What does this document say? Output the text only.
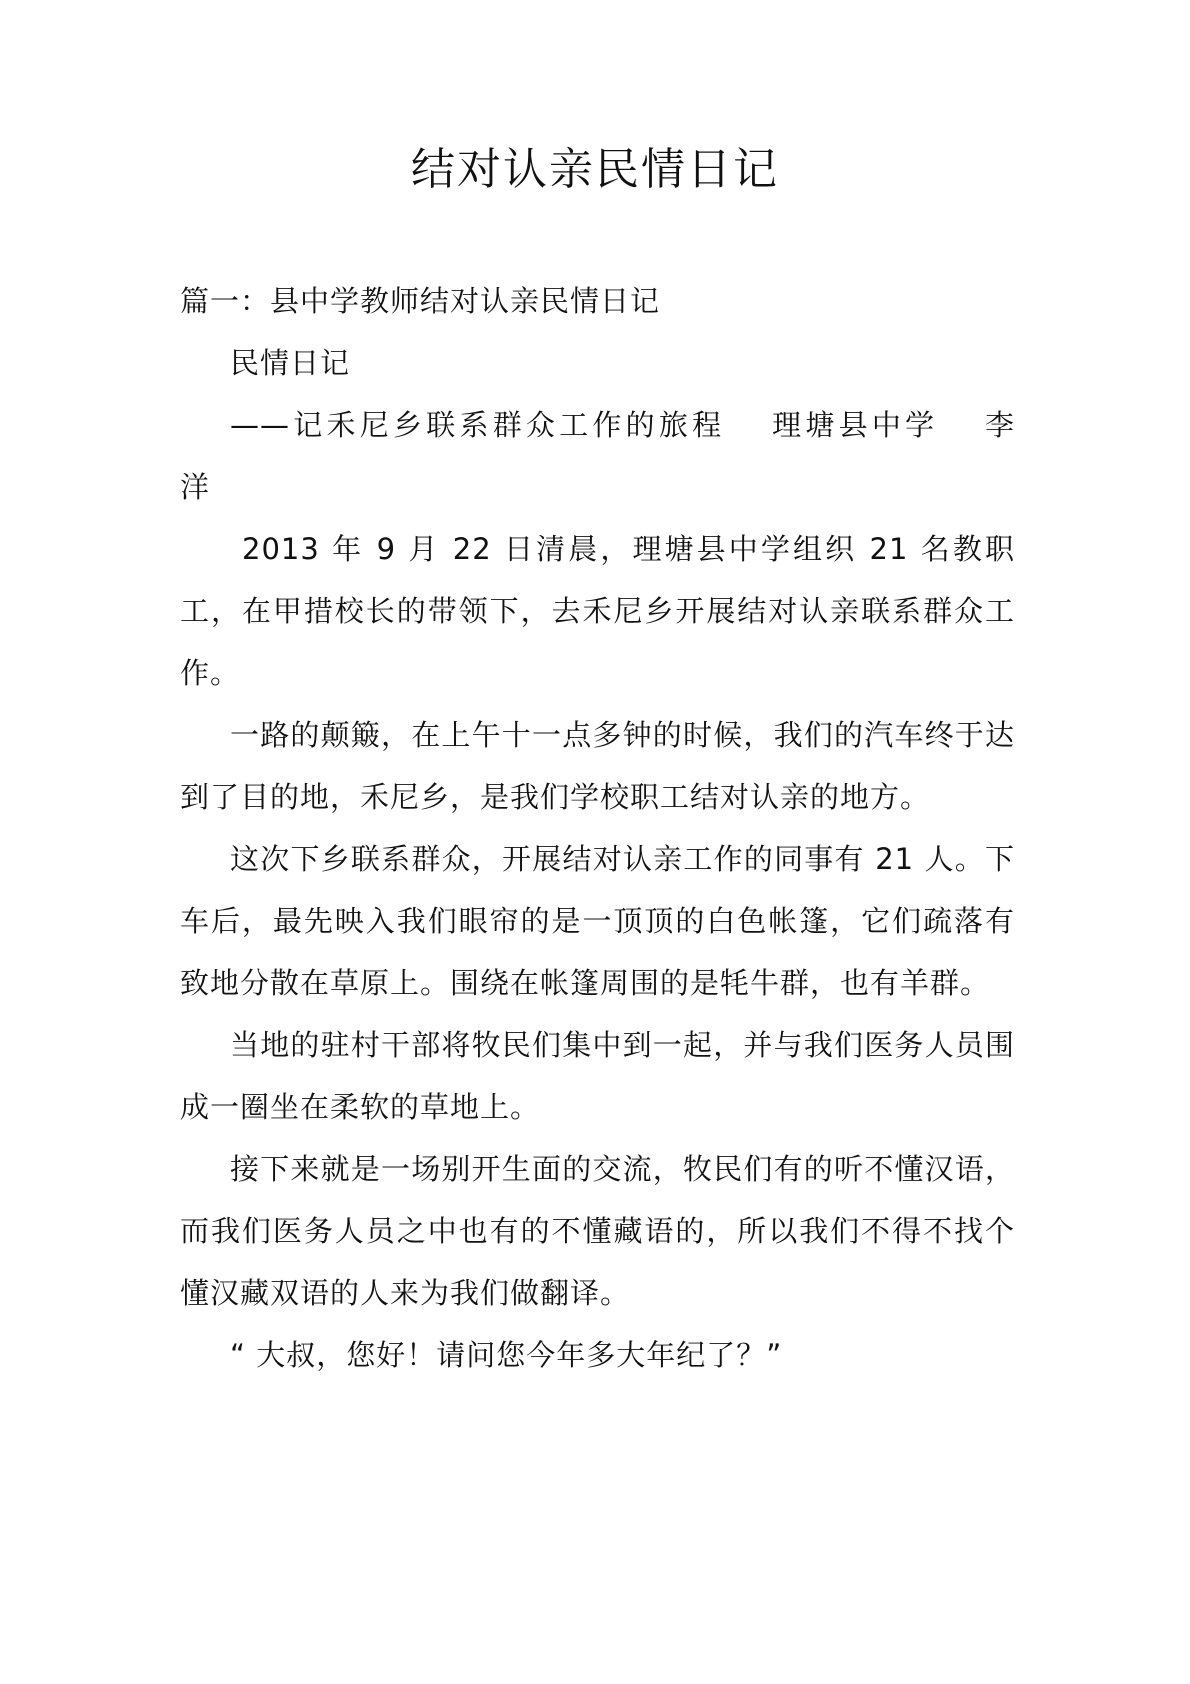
结对认亲民情日记

篇一：县中学教师结对认亲民情日记

民情日记

——记禾尼乡联系群众工作的旅程　 理塘县中学　 李

洋

2013 年 9 月 22 日清晨，理塘县中学组织 21 名教职工，在甲措校长的带领下，去禾尼乡开展结对认亲联系群众工作。

一路的颠簸，在上午十一点多钟的时候，我们的汽车终于达到了目的地，禾尼乡，是我们学校职工结对认亲的地方。

这次下乡联系群众，开展结对认亲工作的同事有 21 人。下车后，最先映入我们眼帘的是一顶顶的白色帐篷，它们疏落有致地分散在草原上。围绕在帐篷周围的是牦牛群，也有羊群。

当地的驻村干部将牧民们集中到一起，并与我们医务人员围成一圈坐在柔软的草地上。

接下来就是一场别开生面的交流，牧民们有的听不懂汉语，而我们医务人员之中也有的不懂藏语的，所以我们不得不找个懂汉藏双语的人来为我们做翻译。

“ 大叔，您好！请问您今年多大年纪了？”
